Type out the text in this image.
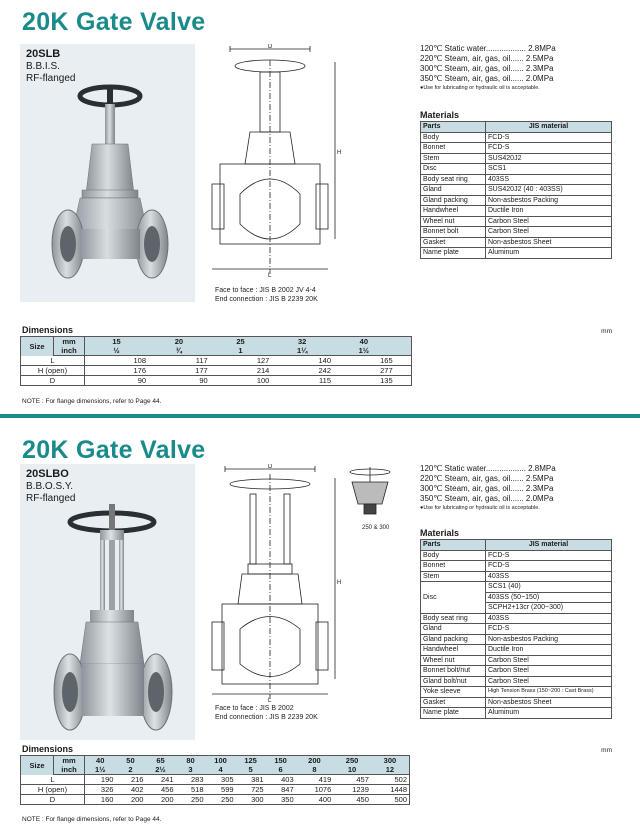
20K Gate Valve
20SLB
B.B.I.S.
RF-flanged
D
H
L
Face to face : JIS B 2002 JV 4-4
End connection : JIS B 2239 20K
120℃ Static water.................. 2.8MPa
220℃ Steam, air, gas, oil...... 2.5MPa
300℃ Steam, air, gas, oil...... 2.3MPa
350℃ Steam, air, gas, oil...... 2.0MPa
●Use for lubricating or hydraulic oil is acceptable.
Materials
Parts	JIS material
Body	FCD-S
Bonnet	FCD-S
Stem	SUS420J2
Disc	SCS1
Body seat ring	403SS
Gland	SUS420J2 (40 : 403SS)
Gland packing	Non-asbestos Packing
Handwheel	Ductile Iron
Wheel nut	Carbon Steel
Bonnet bolt	Carbon Steel
Gasket	Non-asbestos Sheet
Name plate	Aluminum
Dimensions	mm
Size	mm	15	20	25	32	40	
	inch	½	¾	1	1¼	1½	
L		108	117	127	140	165	
H (open)		176	177	214	242	277	
D		90	90	100	115	135	
NOTE : For flange dimensions, refer to Page 44.
20K Gate Valve
20SLBO
B.B.O.S.Y.
RF-flanged
D
H
L
250 & 300
Face to face : JIS B 2002
End connection : JIS B 2239 20K
120℃ Static water.................. 2.8MPa
220℃ Steam, air, gas, oil...... 2.5MPa
300℃ Steam, air, gas, oil...... 2.3MPa
350℃ Steam, air, gas, oil...... 2.0MPa
●Use for lubricating or hydraulic oil is acceptable.
Materials
Parts	JIS material
Body	FCD-S
Bonnet	FCD-S
Stem	403SS
Disc	SCS1 (40)
	403SS (50~150)
	SCPH2+13cr (200~300)
Body seat ring	403SS
Gland	FCD-S
Gland packing	Non-asbestos Packing
Handwheel	Ductile Iron
Wheel nut	Carbon Steel
Bonnet bolt/nut	Carbon Steel
Gland bolt/nut	Carbon Steel
Yoke sleeve	High Tension Brass (150~200 : Cast Brass)
Gasket	Non-asbestos Sheet
Name plate	Aluminum
Dimensions	mm
Size	mm	40	50	65	80	100	125	150	200	250	300
	inch	1½	2	2½	3	4	5	6	8	10	12
L		190	216	241	283	305	381	403	419	457	502
H (open)		326	402	456	518	599	725	847	1076	1239	1448
D		160	200	200	250	250	300	350	400	450	500
NOTE : For flange dimensions, refer to Page 44.
